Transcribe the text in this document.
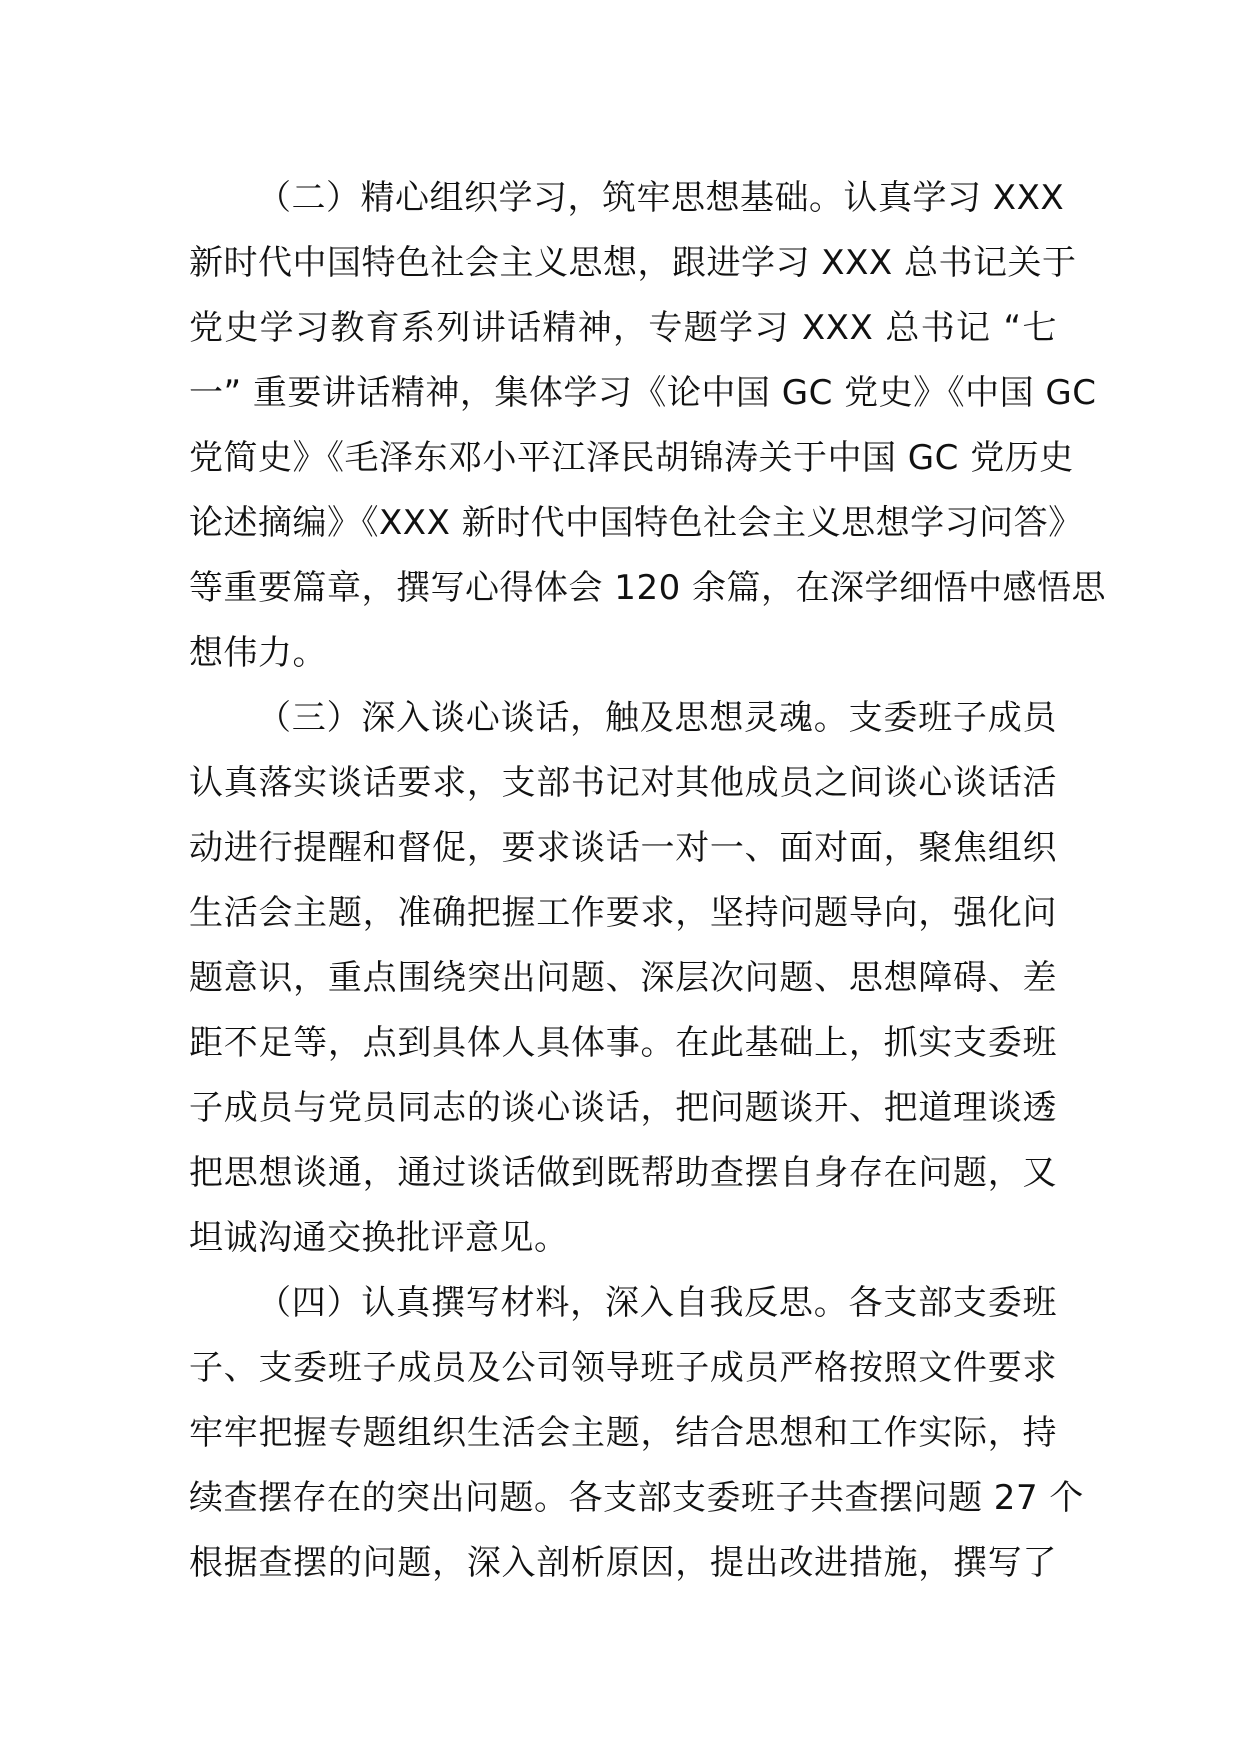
（二）精心组织学习，筑牢思想基础。认真学习 XXX
新时代中国特色社会主义思想，跟进学习 XXX 总书记关于
党史学习教育系列讲话精神，专题学习 XXX 总书记 “七
一” 重要讲话精神，集体学习《论中国 GC 党史》《中国 GC
党简史》《毛泽东邓小平江泽民胡锦涛关于中国 GC 党历史
论述摘编》《XXX 新时代中国特色社会主义思想学习问答》
等重要篇章，撰写心得体会 120 余篇，在深学细悟中感悟思
想伟力。
（三）深入谈心谈话，触及思想灵魂。支委班子成员
认真落实谈话要求，支部书记对其他成员之间谈心谈话活
动进行提醒和督促，要求谈话一对一、面对面，聚焦组织
生活会主题，准确把握工作要求，坚持问题导向，强化问
题意识，重点围绕突出问题、深层次问题、思想障碍、差
距不足等，点到具体人具体事。在此基础上，抓实支委班
子成员与党员同志的谈心谈话，把问题谈开、把道理谈透
把思想谈通，通过谈话做到既帮助查摆自身存在问题，又
坦诚沟通交换批评意见。
（四）认真撰写材料，深入自我反思。各支部支委班
子、支委班子成员及公司领导班子成员严格按照文件要求
牢牢把握专题组织生活会主题，结合思想和工作实际，持
续查摆存在的突出问题。各支部支委班子共查摆问题 27 个
根据查摆的问题，深入剖析原因，提出改进措施，撰写了
